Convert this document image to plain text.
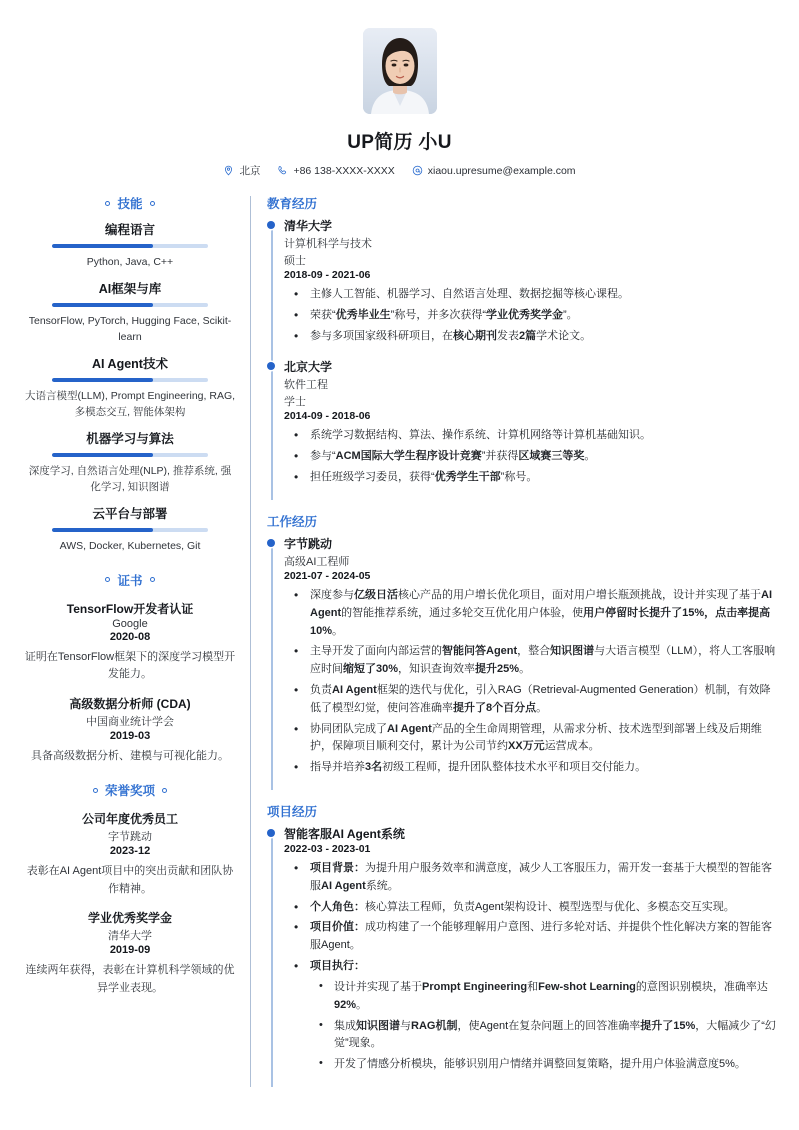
UP简历 小U
北京	+86 138-XXXX-XXXX	xiaou.upresume@example.com
技能
编程语言
Python, Java, C++
AI框架与库
TensorFlow, PyTorch, Hugging Face, Scikit-learn
AI Agent技术
大语言模型(LLM), Prompt Engineering, RAG, 多模态交互, 智能体架构
机器学习与算法
深度学习, 自然语言处理(NLP), 推荐系统, 强化学习, 知识图谱
云平台与部署
AWS, Docker, Kubernetes, Git
证书
TensorFlow开发者认证
Google
2020-08
证明在TensorFlow框架下的深度学习模型开发能力。
高级数据分析师 (CDA)
中国商业统计学会
2019-03
具备高级数据分析、建模与可视化能力。
荣誉奖项
公司年度优秀员工
字节跳动
2023-12
表彰在AI Agent项目中的突出贡献和团队协作精神。
学业优秀奖学金
清华大学
2019-09
连续两年获得，表彰在计算机科学领域的优异学业表现。
教育经历
清华大学
计算机科学与技术
硕士
2018-09 - 2021-06
• 主修人工智能、机器学习、自然语言处理、数据挖掘等核心课程。
• 荣获“优秀毕业生”称号，并多次获得“学业优秀奖学金”。
• 参与多项国家级科研项目，在核心期刊发表2篇学术论文。
北京大学
软件工程
学士
2014-09 - 2018-06
• 系统学习数据结构、算法、操作系统、计算机网络等计算机基础知识。
• 参与“ACM国际大学生程序设计竞赛”并获得区域赛三等奖。
• 担任班级学习委员，获得“优秀学生干部”称号。
工作经历
字节跳动
高级AI工程师
2021-07 - 2024-05
• 深度参与亿级日活核心产品的用户增长优化项目，面对用户增长瓶颈挑战，设计并实现了基于AI Agent的智能推荐系统，通过多轮交互优化用户体验，使用户停留时长提升了15%，点击率提高10%。
• 主导开发了面向内部运营的智能问答Agent，整合知识图谱与大语言模型（LLM），将人工客服响应时间缩短了30%，知识查询效率提升25%。
• 负责AI Agent框架的迭代与优化，引入RAG（Retrieval-Augmented Generation）机制，有效降低了模型幻觉，使问答准确率提升了8个百分点。
• 协同团队完成了AI Agent产品的全生命周期管理，从需求分析、技术选型到部署上线及后期维护，保障项目顺利交付，累计为公司节约XX万元运营成本。
• 指导并培养3名初级工程师，提升团队整体技术水平和项目交付能力。
项目经历
智能客服AI Agent系统
2022-03 - 2023-01
• 项目背景：为提升用户服务效率和满意度，减少人工客服压力，需开发一套基于大模型的智能客服AI Agent系统。
• 个人角色：核心算法工程师，负责Agent架构设计、模型选型与优化、多模态交互实现。
• 项目价值：成功构建了一个能够理解用户意图、进行多轮对话、并提供个性化解决方案的智能客服Agent。
• 项目执行：
• 设计并实现了基于Prompt Engineering和Few-shot Learning的意图识别模块，准确率达92%。
• 集成知识图谱与RAG机制，使Agent在复杂问题上的回答准确率提升了15%，大幅减少了“幻觉”现象。
• 开发了情感分析模块，能够识别用户情绪并调整回复策略，提升用户体验满意度5%。
